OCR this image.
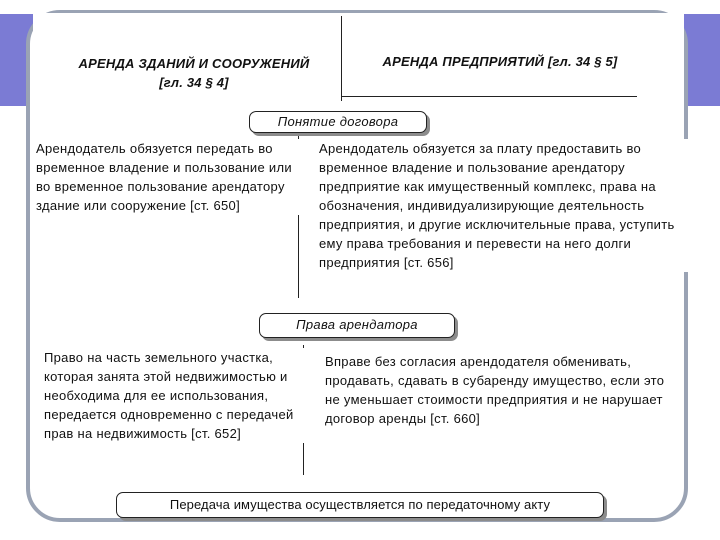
АРЕНДА ЗДАНИЙ И СООРУЖЕНИЙ
[гл. 34 § 4]
АРЕНДА ПРЕДПРИЯТИЙ [гл. 34 § 5]
Понятие договора
Арендодатель обязуется передать во временное владение и пользование или во временное пользование арендатору здание или сооружение [ст. 650]
Арендодатель обязуется за плату предоставить во временное владение и пользование арендатору предприятие как имущественный комплекс, права на обозначения, индивидуализирующие деятельность предприятия, и другие исключительные права, уступить ему права требования и перевести на него долги предприятия [ст. 656]
Права арендатора
Право на часть земельного участка, которая занята этой недвижимостью и необходима для ее использования, передается одновременно с передачей прав на недвижимость [ст. 652]
Вправе без согласия арендодателя обменивать, продавать, сдавать в субаренду имущество, если это не уменьшает стоимости предприятия и не нарушает договор аренды [ст. 660]
Передача имущества осуществляется по передаточному акту
